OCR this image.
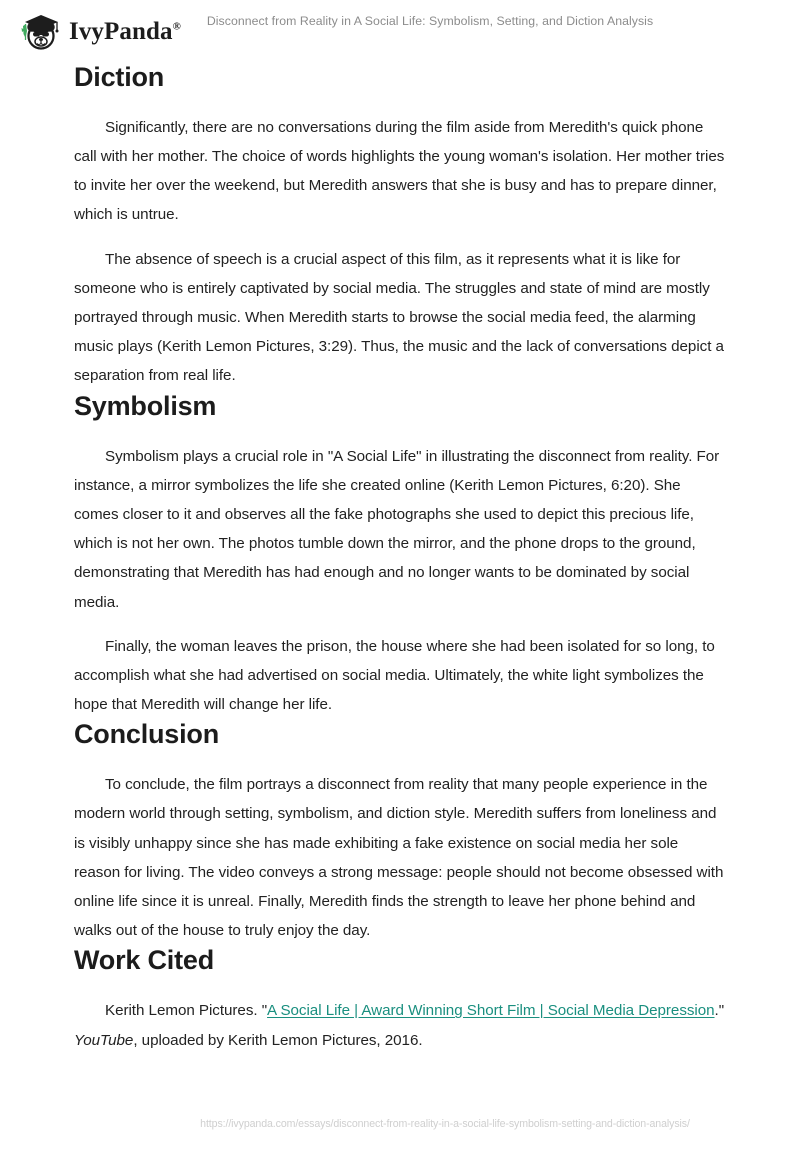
IvyPanda®	Disconnect from Reality in A Social Life: Symbolism, Setting, and Diction Analysis
Diction

Significantly, there are no conversations during the film aside from Meredith's quick phone call with her mother. The choice of words highlights the young woman's isolation. Her mother tries to invite her over the weekend, but Meredith answers that she is busy and has to prepare dinner, which is untrue.

The absence of speech is a crucial aspect of this film, as it represents what it is like for someone who is entirely captivated by social media. The struggles and state of mind are mostly portrayed through music. When Meredith starts to browse the social media feed, the alarming music plays (Kerith Lemon Pictures, 3:29). Thus, the music and the lack of conversations depict a separation from real life.

Symbolism

Symbolism plays a crucial role in "A Social Life" in illustrating the disconnect from reality. For instance, a mirror symbolizes the life she created online (Kerith Lemon Pictures, 6:20). She comes closer to it and observes all the fake photographs she used to depict this precious life, which is not her own. The photos tumble down the mirror, and the phone drops to the ground, demonstrating that Meredith has had enough and no longer wants to be dominated by social media.

Finally, the woman leaves the prison, the house where she had been isolated for so long, to accomplish what she had advertised on social media. Ultimately, the white light symbolizes the hope that Meredith will change her life.

Conclusion

To conclude, the film portrays a disconnect from reality that many people experience in the modern world through setting, symbolism, and diction style. Meredith suffers from loneliness and is visibly unhappy since she has made exhibiting a fake existence on social media her sole reason for living. The video conveys a strong message: people should not become obsessed with online life since it is unreal. Finally, Meredith finds the strength to leave her phone behind and walks out of the house to truly enjoy the day.

Work Cited

Kerith Lemon Pictures. "A Social Life | Award Winning Short Film | Social Media Depression." YouTube, uploaded by Kerith Lemon Pictures, 2016.

https://ivypanda.com/essays/disconnect-from-reality-in-a-social-life-symbolism-setting-and-diction-analysis/
